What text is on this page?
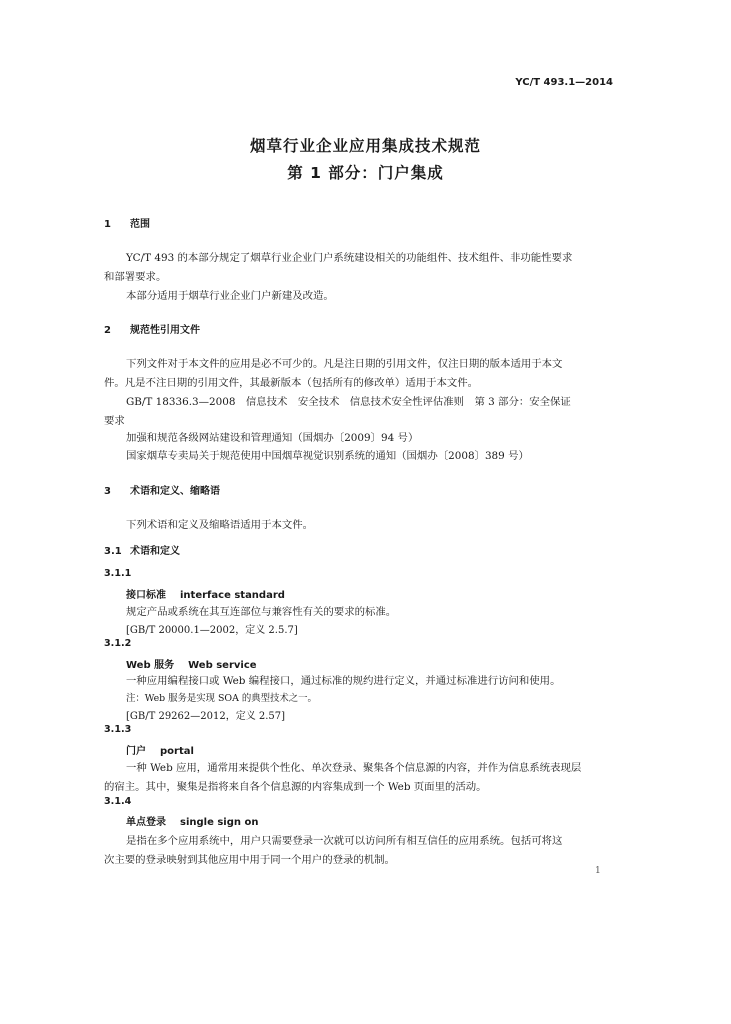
YC/T 493.1—2014
烟草行业企业应用集成技术规范
第 1 部分：门户集成
1 范围
YC/T 493 的本部分规定了烟草行业企业门户系统建设相关的功能组件、技术组件、非功能性要求
和部署要求。
本部分适用于烟草行业企业门户新建及改造。
2 规范性引用文件
下列文件对于本文件的应用是必不可少的。凡是注日期的引用文件，仅注日期的版本适用于本文
件。凡是不注日期的引用文件，其最新版本（包括所有的修改单）适用于本文件。
GB/T 18336.3—2008　信息技术　安全技术　信息技术安全性评估准则　第 3 部分：安全保证
要求
加强和规范各级网站建设和管理通知（国烟办〔2009〕94 号）
国家烟草专卖局关于规范使用中国烟草视觉识别系统的通知（国烟办〔2008〕389 号）
3 术语和定义、缩略语
下列术语和定义及缩略语适用于本文件。
3.1 术语和定义
3.1.1
接口标准 interface standard
规定产品或系统在其互连部位与兼容性有关的要求的标准。
[GB/T 20000.1—2002，定义 2.5.7]
3.1.2
Web 服务 Web service
一种应用编程接口或 Web 编程接口，通过标准的规约进行定义，并通过标准进行访问和使用。
注：Web 服务是实现 SOA 的典型技术之一。
[GB/T 29262—2012，定义 2.57]
3.1.3
门户 portal
一种 Web 应用，通常用来提供个性化、单次登录、聚集各个信息源的内容，并作为信息系统表现层
的宿主。其中，聚集是指将来自各个信息源的内容集成到一个 Web 页面里的活动。
3.1.4
单点登录 single sign on
是指在多个应用系统中，用户只需要登录一次就可以访问所有相互信任的应用系统。包括可将这
次主要的登录映射到其他应用中用于同一个用户的登录的机制。
1
